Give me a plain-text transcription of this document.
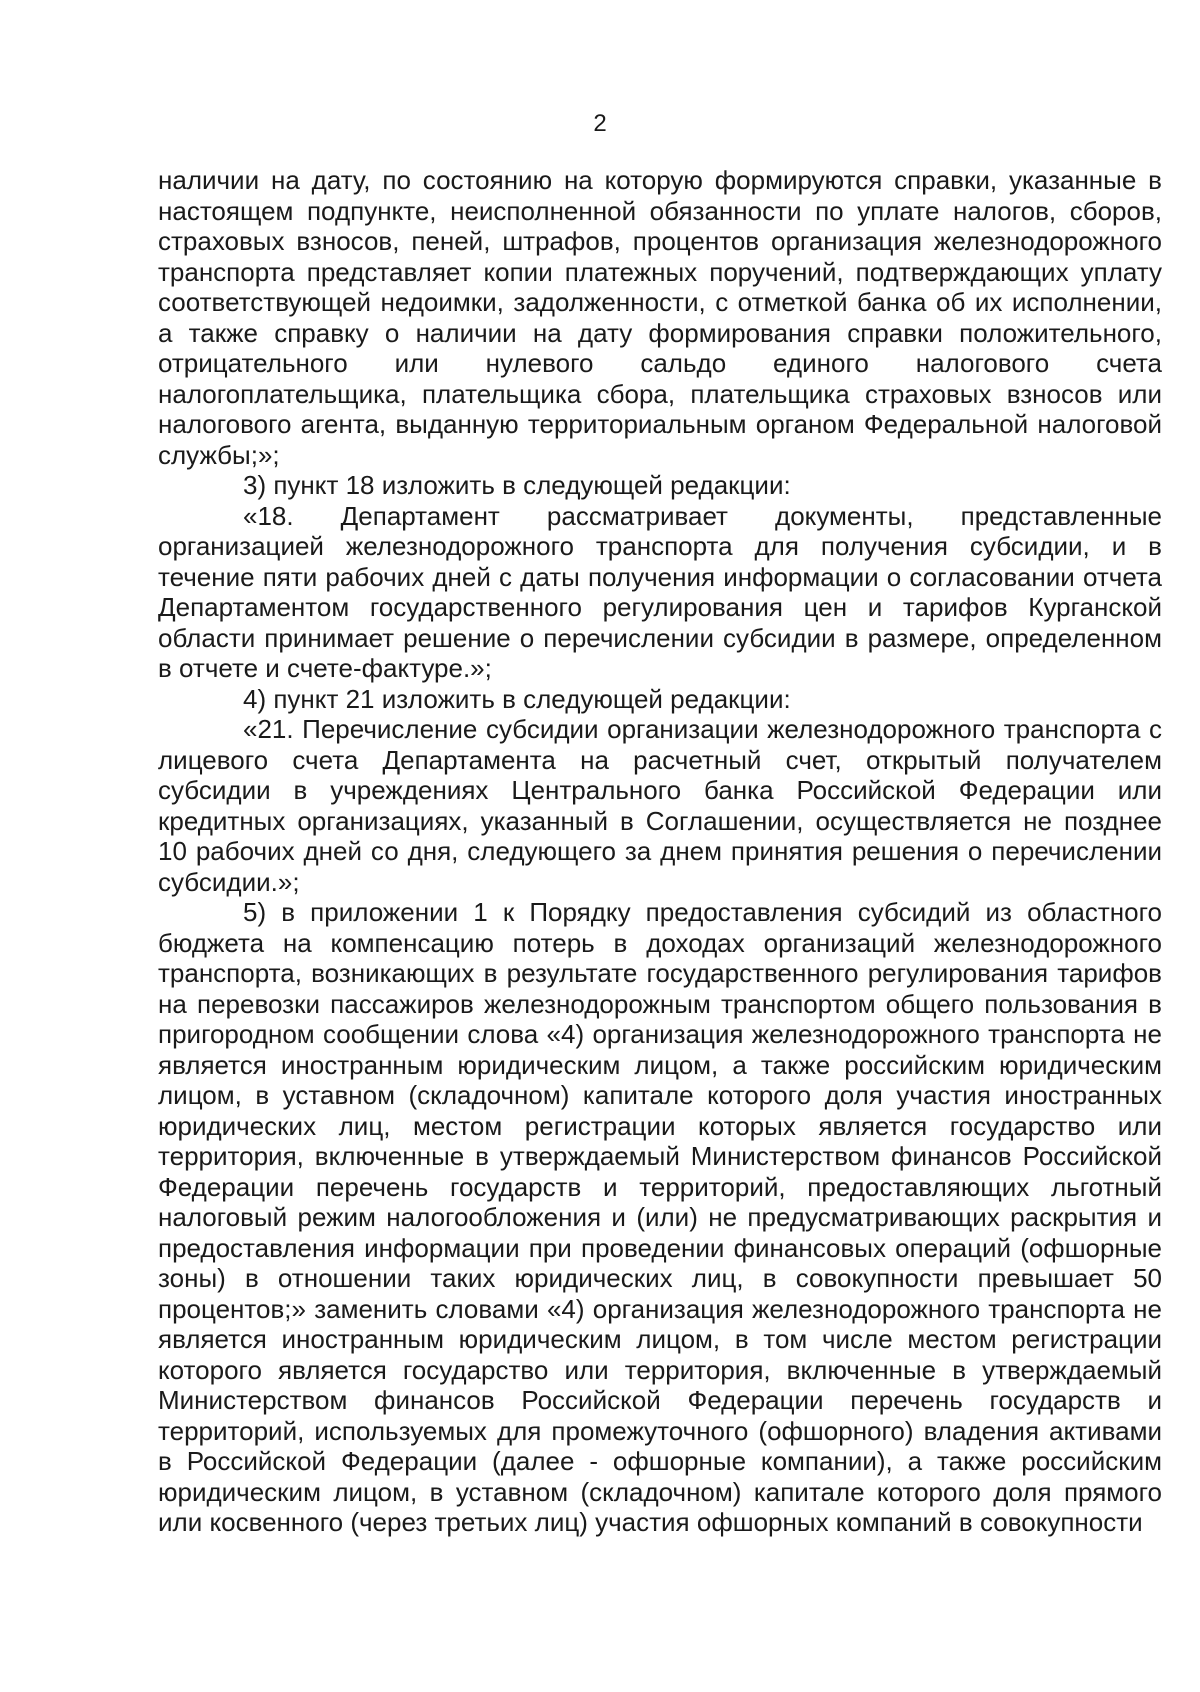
2

наличии на дату, по состоянию на которую формируются справки, указанные в настоящем подпункте, неисполненной обязанности по уплате налогов, сборов, страховых взносов, пеней, штрафов, процентов организация железнодорожного транспорта представляет копии платежных поручений, подтверждающих уплату соответствующей недоимки, задолженности, с отметкой банка об их исполнении, а также справку о наличии на дату формирования справки положительного, отрицательного или нулевого сальдо единого налогового счета налогоплательщика, плательщика сбора, плательщика страховых взносов или налогового агента, выданную территориальным органом Федеральной налоговой службы;»;

3) пункт 18 изложить в следующей редакции:

«18. Департамент рассматривает документы, представленные организацией железнодорожного транспорта для получения субсидии, и в течение пяти рабочих дней с даты получения информации о согласовании отчета Департаментом государственного регулирования цен и тарифов Курганской области принимает решение о перечислении субсидии в размере, определенном в отчете и счете-фактуре.»;

4) пункт 21 изложить в следующей редакции:

«21. Перечисление субсидии организации железнодорожного транспорта с лицевого счета Департамента на расчетный счет, открытый получателем субсидии в учреждениях Центрального банка Российской Федерации или кредитных организациях, указанный в Соглашении, осуществляется не позднее 10 рабочих дней со дня, следующего за днем принятия решения о перечислении субсидии.»;

5) в приложении 1 к Порядку предоставления субсидий из областного бюджета на компенсацию потерь в доходах организаций железнодорожного транспорта, возникающих в результате государственного регулирования тарифов на перевозки пассажиров железнодорожным транспортом общего пользования в пригородном сообщении слова «4) организация железнодорожного транспорта не является иностранным юридическим лицом, а также российским юридическим лицом, в уставном (складочном) капитале которого доля участия иностранных юридических лиц, местом регистрации которых является государство или территория, включенные в утверждаемый Министерством финансов Российской Федерации перечень государств и территорий, предоставляющих льготный налоговый режим налогообложения и (или) не предусматривающих раскрытия и предоставления информации при проведении финансовых операций (офшорные зоны) в отношении таких юридических лиц, в совокупности превышает 50 процентов;» заменить словами «4) организация железнодорожного транспорта не является иностранным юридическим лицом, в том числе местом регистрации которого является государство или территория, включенные в утверждаемый Министерством финансов Российской Федерации перечень государств и территорий, используемых для промежуточного (офшорного) владения активами в Российской Федерации (далее - офшорные компании), а также российским юридическим лицом, в уставном (складочном) капитале которого доля прямого или косвенного (через третьих лиц) участия офшорных компаний в совокупности
